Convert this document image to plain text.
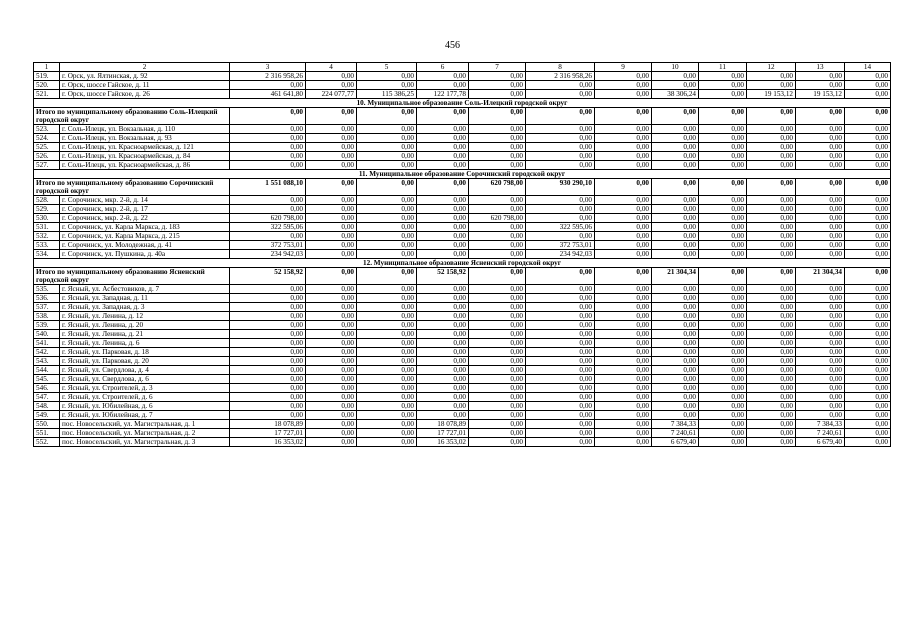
456
1	2	3	4	5	6	7	8	9	10	11	12	13	14
519.	г. Орск, ул. Ялтинская, д. 92	2 316 958,26	0,00	0,00	0,00	0,00	2 316 958,26	0,00	0,00	0,00	0,00	0,00	0,00
520.	г. Орск, шоссе Гайское, д. 11	0,00	0,00	0,00	0,00	0,00	0,00	0,00	0,00	0,00	0,00	0,00	0,00
521.	г. Орск, шоссе Гайское, д. 26	461 641,80	224 077,77	115 386,25	122 177,78	0,00	0,00	0,00	38 306,24	0,00	19 153,12	19 153,12	0,00
10. Муниципальное образование Соль-Илецкий городской округ													
Итого по муниципальному образованию Соль-Илецкий городской округ		0,00	0,00	0,00	0,00	0,00	0,00	0,00	0,00	0,00	0,00	0,00	0,00
523.	г. Соль-Илецк, ул. Вокзальная, д. 110	0,00	0,00	0,00	0,00	0,00	0,00	0,00	0,00	0,00	0,00	0,00	0,00
524.	г. Соль-Илецк, ул. Вокзальная, д. 93	0,00	0,00	0,00	0,00	0,00	0,00	0,00	0,00	0,00	0,00	0,00	0,00
525.	г. Соль-Илецк, ул. Красноармейская, д. 121	0,00	0,00	0,00	0,00	0,00	0,00	0,00	0,00	0,00	0,00	0,00	0,00
526.	г. Соль-Илецк, ул. Красноармейская, д. 84	0,00	0,00	0,00	0,00	0,00	0,00	0,00	0,00	0,00	0,00	0,00	0,00
527.	г. Соль-Илецк, ул. Красноармейская, д. 86	0,00	0,00	0,00	0,00	0,00	0,00	0,00	0,00	0,00	0,00	0,00	0,00
11. Муниципальное образование Сорочинский городской округ													
Итого по муниципальному образованию Сорочинский городской округ		1 551 088,10	0,00	0,00	0,00	620 798,00	930 290,10	0,00	0,00	0,00	0,00	0,00	0,00
528.	г. Сорочинск, мкр. 2-й, д. 14	0,00	0,00	0,00	0,00	0,00	0,00	0,00	0,00	0,00	0,00	0,00	0,00
529.	г. Сорочинск, мкр. 2-й, д. 17	0,00	0,00	0,00	0,00	0,00	0,00	0,00	0,00	0,00	0,00	0,00	0,00
530.	г. Сорочинск, мкр. 2-й, д. 22	620 798,00	0,00	0,00	0,00	620 798,00	0,00	0,00	0,00	0,00	0,00	0,00	0,00
531.	г. Сорочинск, ул. Карла Маркса, д. 183	322 595,06	0,00	0,00	0,00	0,00	322 595,06	0,00	0,00	0,00	0,00	0,00	0,00
532.	г. Сорочинск, ул. Карла Маркса, д. 215	0,00	0,00	0,00	0,00	0,00	0,00	0,00	0,00	0,00	0,00	0,00	0,00
533.	г. Сорочинск, ул. Молодежная, д. 41	372 753,01	0,00	0,00	0,00	0,00	372 753,01	0,00	0,00	0,00	0,00	0,00	0,00
534.	г. Сорочинск, ул. Пушкина, д. 40а	234 942,03	0,00	0,00	0,00	0,00	234 942,03	0,00	0,00	0,00	0,00	0,00	0,00
12. Муниципальное образование Ясненский городской округ													
Итого по муниципальному образованию Ясненский городской округ		52 158,92	0,00	0,00	52 158,92	0,00	0,00	0,00	21 304,34	0,00	0,00	21 304,34	0,00
535.	г. Ясный, ул. Асбестовиков, д. 7	0,00	0,00	0,00	0,00	0,00	0,00	0,00	0,00	0,00	0,00	0,00	0,00
536.	г. Ясный, ул. Западная, д. 11	0,00	0,00	0,00	0,00	0,00	0,00	0,00	0,00	0,00	0,00	0,00	0,00
537.	г. Ясный, ул. Западная, д. 3	0,00	0,00	0,00	0,00	0,00	0,00	0,00	0,00	0,00	0,00	0,00	0,00
538.	г. Ясный, ул. Ленина, д. 12	0,00	0,00	0,00	0,00	0,00	0,00	0,00	0,00	0,00	0,00	0,00	0,00
539.	г. Ясный, ул. Ленина, д. 20	0,00	0,00	0,00	0,00	0,00	0,00	0,00	0,00	0,00	0,00	0,00	0,00
540.	г. Ясный, ул. Ленина, д. 21	0,00	0,00	0,00	0,00	0,00	0,00	0,00	0,00	0,00	0,00	0,00	0,00
541.	г. Ясный, ул. Ленина, д. 6	0,00	0,00	0,00	0,00	0,00	0,00	0,00	0,00	0,00	0,00	0,00	0,00
542.	г. Ясный, ул. Парковая, д. 18	0,00	0,00	0,00	0,00	0,00	0,00	0,00	0,00	0,00	0,00	0,00	0,00
543.	г. Ясный, ул. Парковая, д. 20	0,00	0,00	0,00	0,00	0,00	0,00	0,00	0,00	0,00	0,00	0,00	0,00
544.	г. Ясный, ул. Свердлова, д. 4	0,00	0,00	0,00	0,00	0,00	0,00	0,00	0,00	0,00	0,00	0,00	0,00
545.	г. Ясный, ул. Свердлова, д. 6	0,00	0,00	0,00	0,00	0,00	0,00	0,00	0,00	0,00	0,00	0,00	0,00
546.	г. Ясный, ул. Строителей, д. 3	0,00	0,00	0,00	0,00	0,00	0,00	0,00	0,00	0,00	0,00	0,00	0,00
547.	г. Ясный, ул. Строителей, д. 6	0,00	0,00	0,00	0,00	0,00	0,00	0,00	0,00	0,00	0,00	0,00	0,00
548.	г. Ясный, ул. Юбилейная, д. 6	0,00	0,00	0,00	0,00	0,00	0,00	0,00	0,00	0,00	0,00	0,00	0,00
549.	г. Ясный, ул. Юбилейная, д. 7	0,00	0,00	0,00	0,00	0,00	0,00	0,00	0,00	0,00	0,00	0,00	0,00
550.	пос. Новосельский, ул. Магистральная, д. 1	18 078,89	0,00	0,00	18 078,89	0,00	0,00	0,00	7 384,33	0,00	0,00	7 384,33	0,00
551.	пос. Новосельский, ул. Магистральная, д. 2	17 727,01	0,00	0,00	17 727,01	0,00	0,00	0,00	7 240,61	0,00	0,00	7 240,61	0,00
552.	пос. Новосельский, ул. Магистральная, д. 3	16 353,02	0,00	0,00	16 353,02	0,00	0,00	0,00	6 679,40	0,00	0,00	6 679,40	0,00
